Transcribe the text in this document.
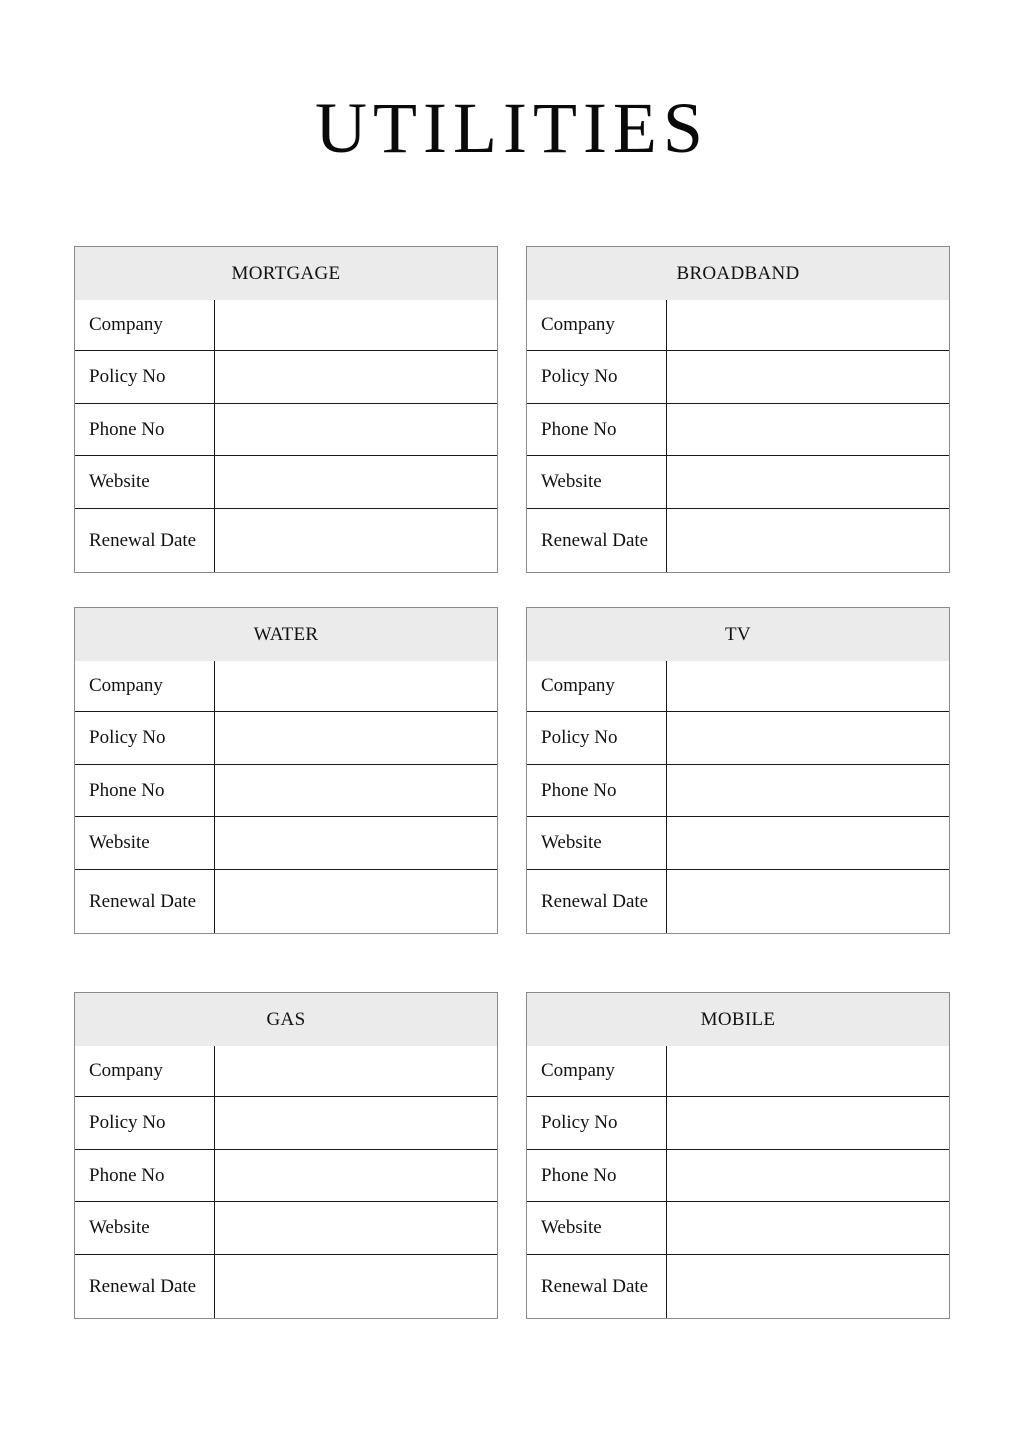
UTILITIES
MORTGAGE
Company
Policy No
Phone No
Website
Renewal Date
BROADBAND
Company
Policy No
Phone No
Website
Renewal Date
WATER
Company
Policy No
Phone No
Website
Renewal Date
TV
Company
Policy No
Phone No
Website
Renewal Date
GAS
Company
Policy No
Phone No
Website
Renewal Date
MOBILE
Company
Policy No
Phone No
Website
Renewal Date
